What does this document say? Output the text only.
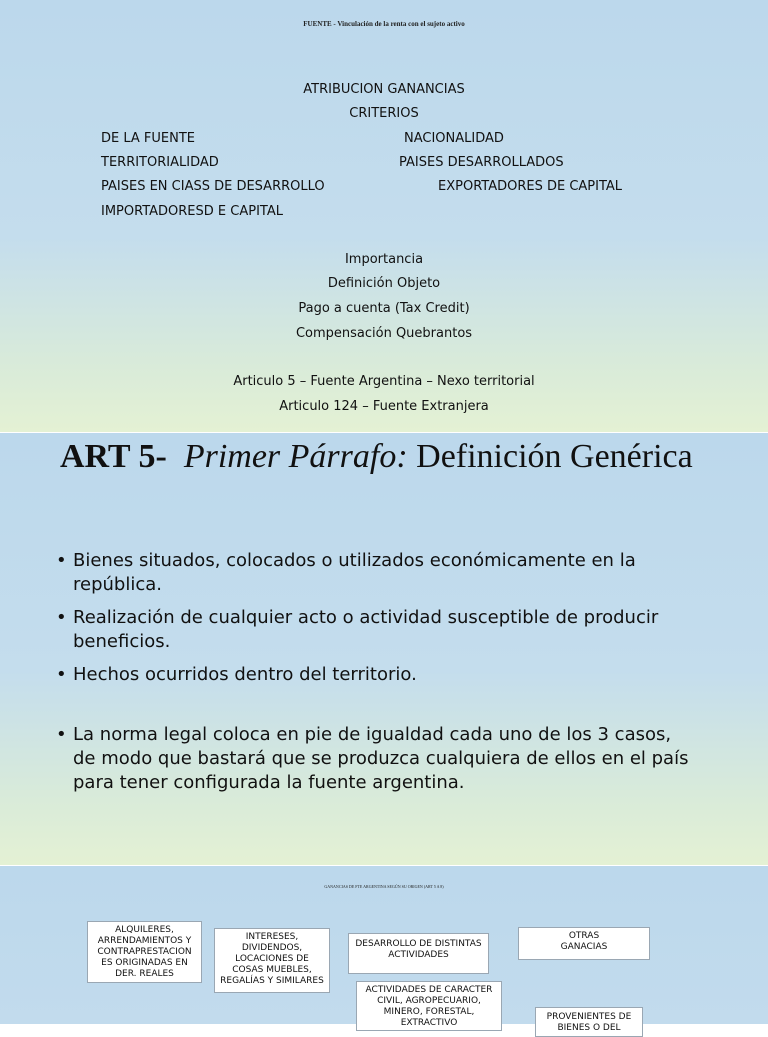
FUENTE - Vinculación de la renta con el sujeto activo
ATRIBUCION GANANCIAS
CRITERIOS
DE LA FUENTE
TERRITORIALIDAD
PAISES EN CIASS DE DESARROLLO
IMPORTADORESD E CAPITAL
NACIONALIDAD
PAISES DESARROLLADOS
EXPORTADORES DE CAPITAL
Importancia
Definición Objeto
Pago a cuenta (Tax Credit)
Compensación Quebrantos
Articulo 5 – Fuente Argentina – Nexo territorial
Articulo 124 – Fuente Extranjera
ART 5- Primer Párrafo: Definición Genérica
• Bienes situados, colocados o utilizados económicamente en la república.
• Realización de cualquier acto o actividad susceptible de producir beneficios.
• Hechos ocurridos dentro del territorio.
• La norma legal coloca en pie de igualdad cada uno de los 3 casos, de modo que bastará que se produzca cualquiera de ellos en el país para tener configurada la fuente argentina.
GANANCIAS DE FTE ARGENTINA SEGÚN SU ORIGEN (ART 5 A 8)
ALQUILERES, ARRENDAMIENTOS Y CONTRAPRESTACION ES ORIGINADAS EN DER. REALES
INTERESES, DIVIDENDOS, LOCACIONES DE COSAS MUEBLES, REGALÍAS Y SIMILARES
DESARROLLO DE DISTINTAS ACTIVIDADES
OTRAS GANACIAS
ACTIVIDADES DE CARACTER CIVIL, AGROPECUARIO, MINERO, FORESTAL, EXTRACTIVO
PROVENIENTES DE BIENES O DEL
